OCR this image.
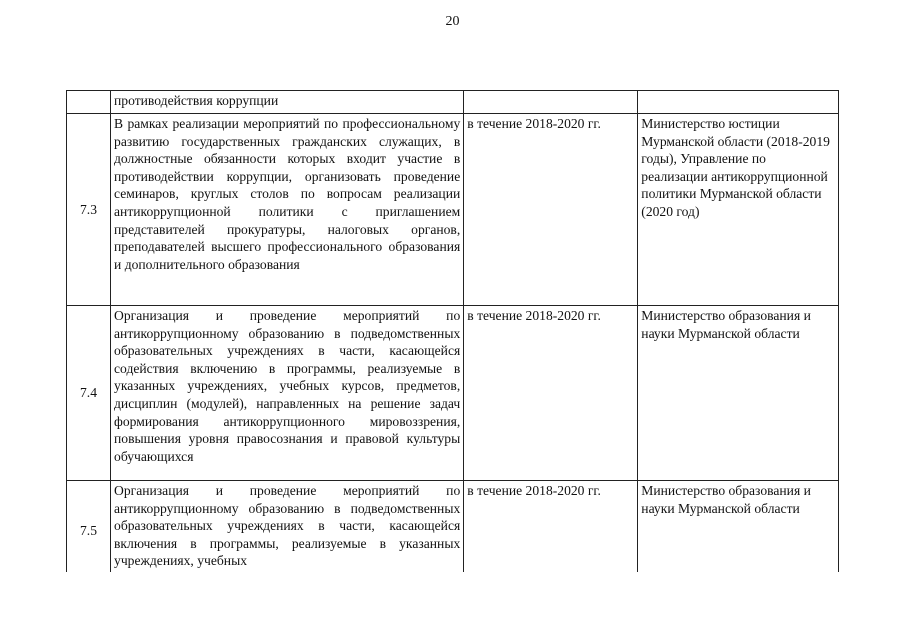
20
	противодействия коррупции		
7.3	В рамках реализации мероприятий по профессиональному развитию государственных гражданских служащих, в должностные обязанности которых входит участие в противодействии коррупции, организовать проведение семинаров, круглых столов по вопросам реализации антикоррупционной политики с приглашением представителей прокуратуры, налоговых органов, преподавателей высшего профессионального образования и дополнительного образования	в течение 2018-2020 гг.	Министерство юстиции Мурманской области (2018-2019 годы), Управление по реализации антикоррупционной политики Мурманской области (2020 год)
7.4	Организация и проведение мероприятий по антикоррупционному образованию в подведомственных образовательных учреждениях в части, касающейся содействия включению в программы, реализуемые в указанных учреждениях, учебных курсов, предметов, дисциплин (модулей), направленных на решение задач формирования антикоррупционного мировоззрения, повышения уровня правосознания и правовой культуры обучающихся	в течение 2018-2020 гг.	Министерство образования и науки Мурманской области
7.5	Организация и проведение мероприятий по антикоррупционному образованию в подведомственных образовательных учреждениях в части, касающейся включения в программы, реализуемые в указанных учреждениях, учебных	в течение 2018-2020 гг.	Министерство образования и науки Мурманской области
